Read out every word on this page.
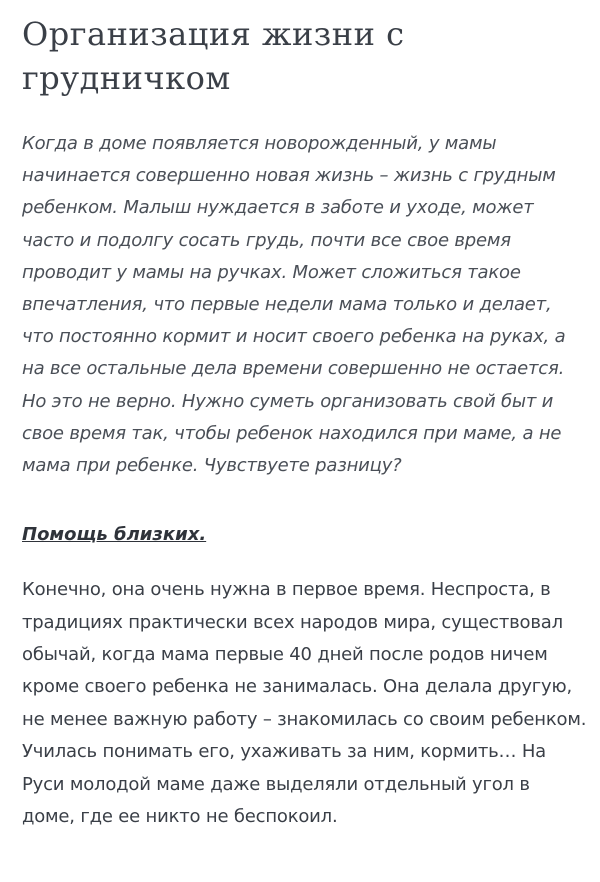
Организация жизни с грудничком

Когда в доме появляется новорожденный, у мамы начинается совершенно новая жизнь – жизнь с грудным ребенком. Малыш нуждается в заботе и уходе, может часто и подолгу сосать грудь, почти все свое время проводит у мамы на ручках. Может сложиться такое впечатления, что первые недели мама только и делает, что постоянно кормит и носит своего ребенка на руках, а на все остальные дела времени совершенно не остается. Но это не верно. Нужно суметь организовать свой быт и свое время так, чтобы ребенок находился при маме, а не мама при ребенке. Чувствуете разницу?

Помощь близких.

Конечно, она очень нужна в первое время. Неспроста, в традициях практически всех народов мира, существовал обычай, когда мама первые 40 дней после родов ничем кроме своего ребенка не занималась. Она делала другую, не менее важную работу – знакомилась со своим ребенком. Училась понимать его, ухаживать за ним, кормить… На Руси молодой маме даже выделяли отдельный угол в доме, где ее никто не беспокоил.
